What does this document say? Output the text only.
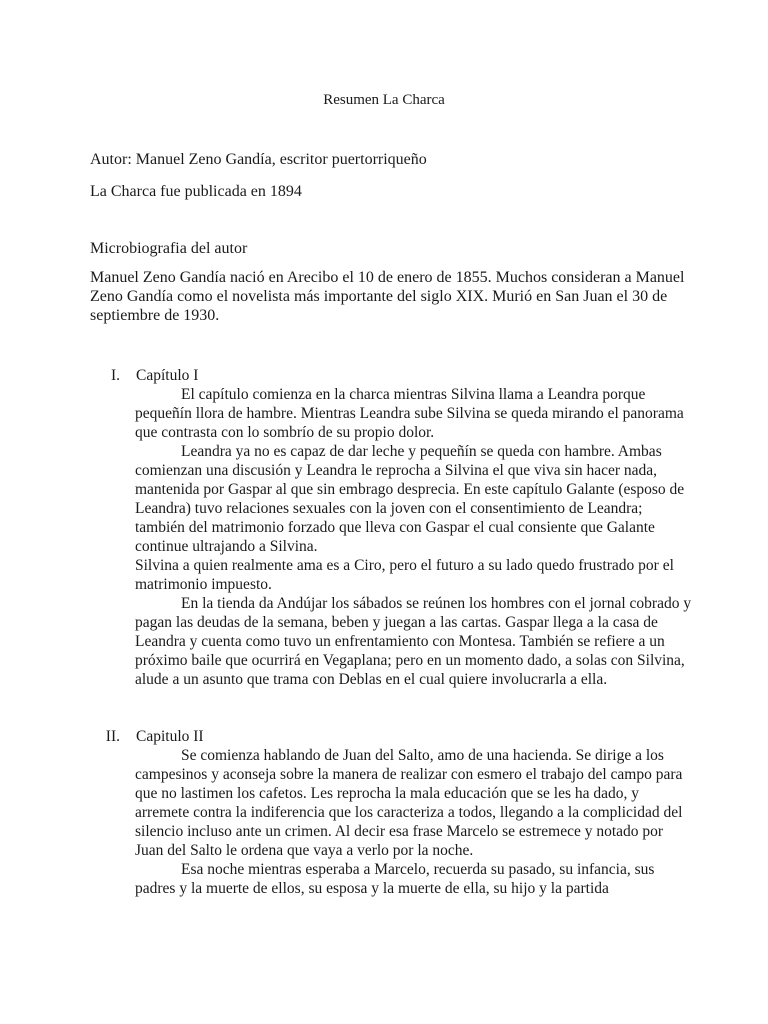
Resumen La Charca

Autor: Manuel Zeno Gandía, escritor puertorriqueño

La Charca fue publicada en 1894

Microbiografia del autor

Manuel Zeno Gandía nació en Arecibo el 10 de enero de 1855. Muchos consideran a Manuel Zeno Gandía como el novelista más importante del siglo XIX. Murió en San Juan el 30 de septiembre de 1930.

I. Capítulo I

El capítulo comienza en la charca mientras Silvina llama a Leandra porque pequeñín llora de hambre. Mientras Leandra sube Silvina se queda mirando el panorama que contrasta con lo sombrío de su propio dolor.

Leandra ya no es capaz de dar leche y pequeñín se queda con hambre. Ambas comienzan una discusión y Leandra le reprocha a Silvina el que viva sin hacer nada, mantenida por Gaspar al que sin embrago desprecia. En este capítulo Galante (esposo de Leandra) tuvo relaciones sexuales con la joven con el consentimiento de Leandra; también del matrimonio forzado que lleva con Gaspar el cual consiente que Galante continue ultrajando a Silvina.

Silvina a quien realmente ama es a Ciro, pero el futuro a su lado quedo frustrado por el matrimonio impuesto.

En la tienda da Andújar los sábados se reúnen los hombres con el jornal cobrado y pagan las deudas de la semana, beben y juegan a las cartas. Gaspar llega a la casa de Leandra y cuenta como tuvo un enfrentamiento con Montesa. También se refiere a un próximo baile que ocurrirá en Vegaplana; pero en un momento dado, a solas con Silvina, alude a un asunto que trama con Deblas en el cual quiere involucrarla a ella.

II. Capitulo II

Se comienza hablando de Juan del Salto, amo de una hacienda. Se dirige a los campesinos y aconseja sobre la manera de realizar con esmero el trabajo del campo para que no lastimen los cafetos. Les reprocha la mala educación que se les ha dado, y arremete contra la indiferencia que los caracteriza a todos, llegando a la complicidad del silencio incluso ante un crimen. Al decir esa frase Marcelo se estremece y notado por Juan del Salto le ordena que vaya a verlo por la noche.

Esa noche mientras esperaba a Marcelo, recuerda su pasado, su infancia, sus padres y la muerte de ellos, su esposa y la muerte de ella, su hijo y la partida
